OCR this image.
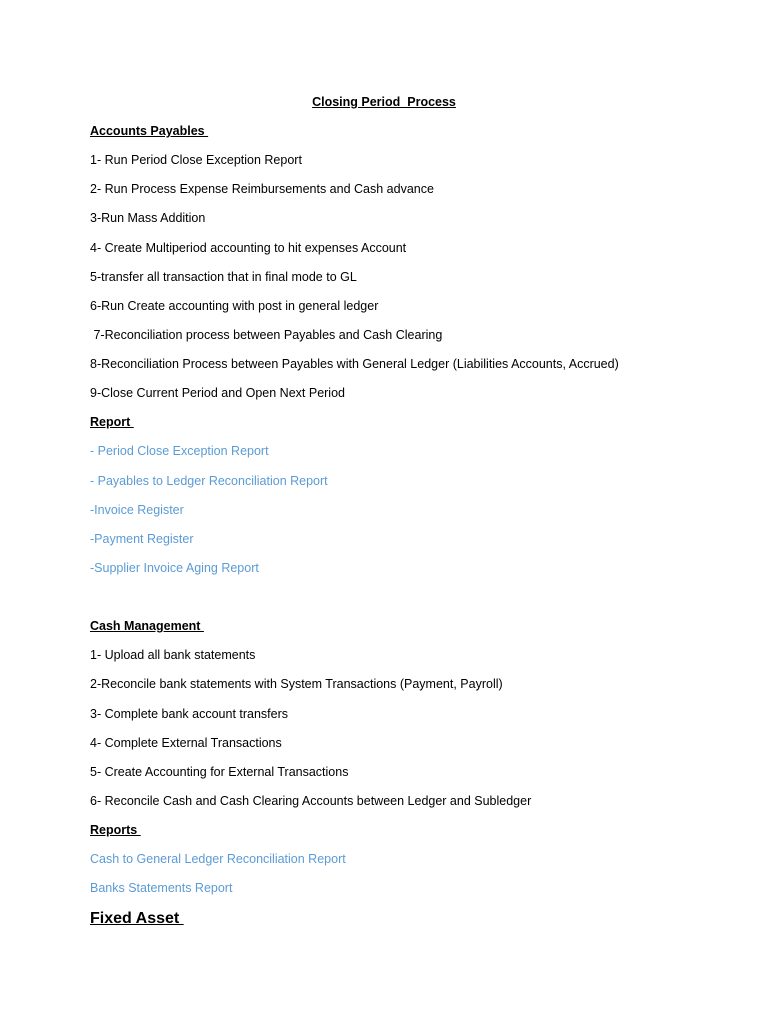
Closing Period  Process
Accounts Payables
1- Run Period Close Exception Report
2- Run Process Expense Reimbursements and Cash advance
3-Run Mass Addition
4- Create Multiperiod accounting to hit expenses Account
5-transfer all transaction that in final mode to GL
6-Run Create accounting with post in general ledger
7-Reconciliation process between Payables and Cash Clearing
8-Reconciliation Process between Payables with General Ledger (Liabilities Accounts, Accrued)
9-Close Current Period and Open Next Period
Report
- Period Close Exception Report
- Payables to Ledger Reconciliation Report
-Invoice Register
-Payment Register
-Supplier Invoice Aging Report
Cash Management
1- Upload all bank statements
2-Reconcile bank statements with System Transactions (Payment, Payroll)
3- Complete bank account transfers
4- Complete External Transactions
5- Create Accounting for External Transactions
6- Reconcile Cash and Cash Clearing Accounts between Ledger and Subledger
Reports
Cash to General Ledger Reconciliation Report
Banks Statements Report
Fixed Asset
